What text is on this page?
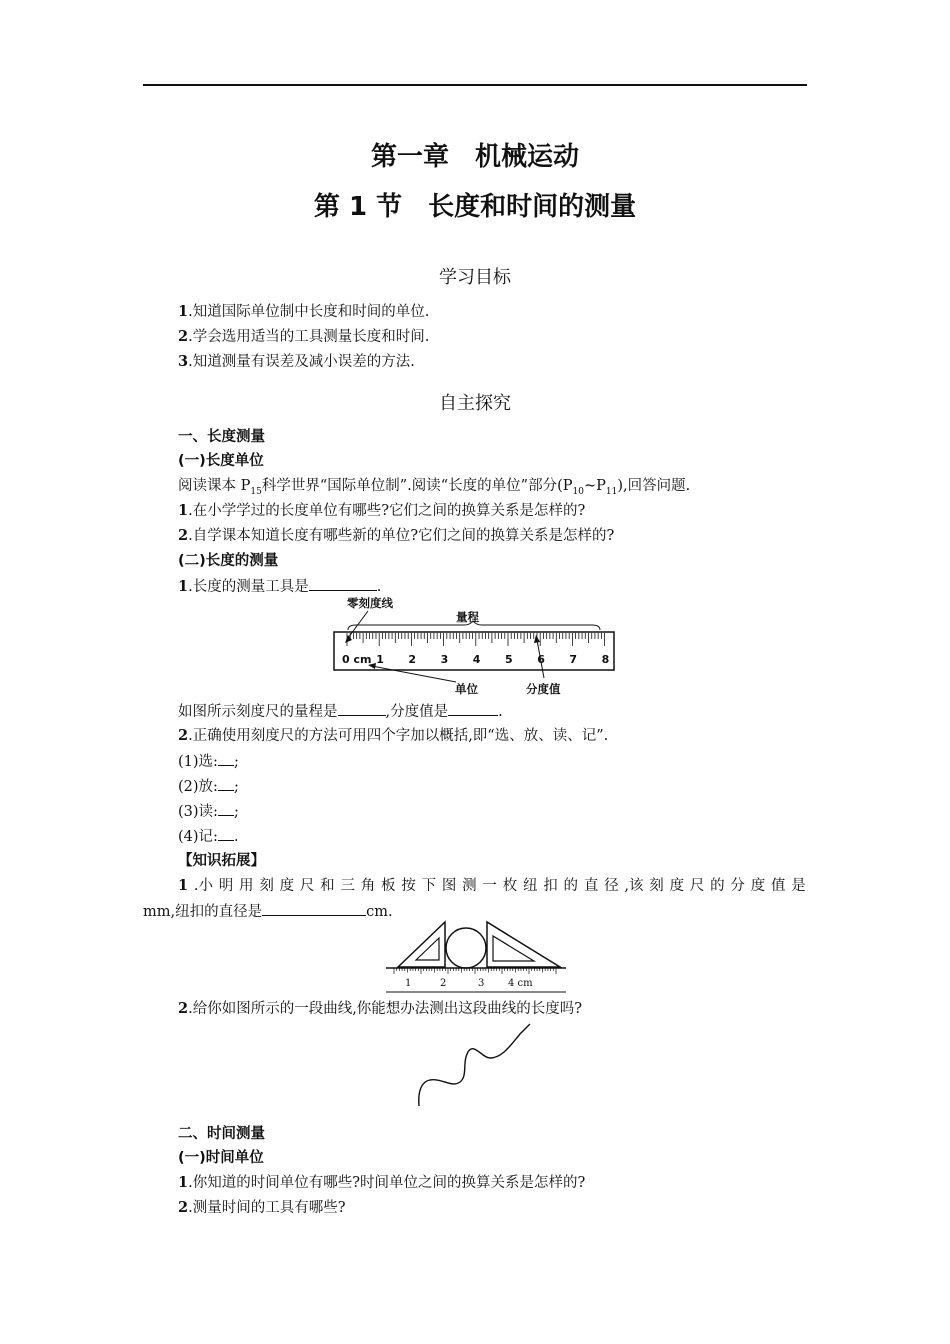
第一章　机械运动
第 1 节　长度和时间的测量
学习目标
1.知道国际单位制中长度和时间的单位.
2.学会选用适当的工具测量长度和时间.
3.知道测量有误差及减小误差的方法.
自主探究
一、长度测量
(一)长度单位
阅读课本 $P_{15}$科学世界“国际单位制”.阅读“长度的单位”部分$(P_{10}\sim P_{11})$,回答问题.
1.在小学学过的长度单位有哪些?它们之间的换算关系是怎样的?
2.自学课本知道长度有哪些新的单位?它们之间的换算关系是怎样的?
(二)长度的测量
1.长度的测量工具是	.
零刻度线
量程
单位	分度值
0 cm 1 2 3 4 5 6 7 8
如图所示刻度尺的量程是	,分度值是	.
2.正确使用刻度尺的方法可用四个字加以概括,即“选、放、读、记”.
(1)选: ;
(2)放: ;
(3)读: ;
(4)记: .
【知识拓展】
1 .小 明 用 刻 度 尺 和 三 角 板 按 下 图 测 一 枚 纽 扣 的 直 径 ,该 刻 度 尺 的 分 度 值 是
mm,纽扣的直径是	cm.
1	2	3 4 cm
2.给你如图所示的一段曲线,你能想办法测出这段曲线的长度吗?
二、时间测量
(一)时间单位
1.你知道的时间单位有哪些?时间单位之间的换算关系是怎样的?
2.测量时间的工具有哪些?
